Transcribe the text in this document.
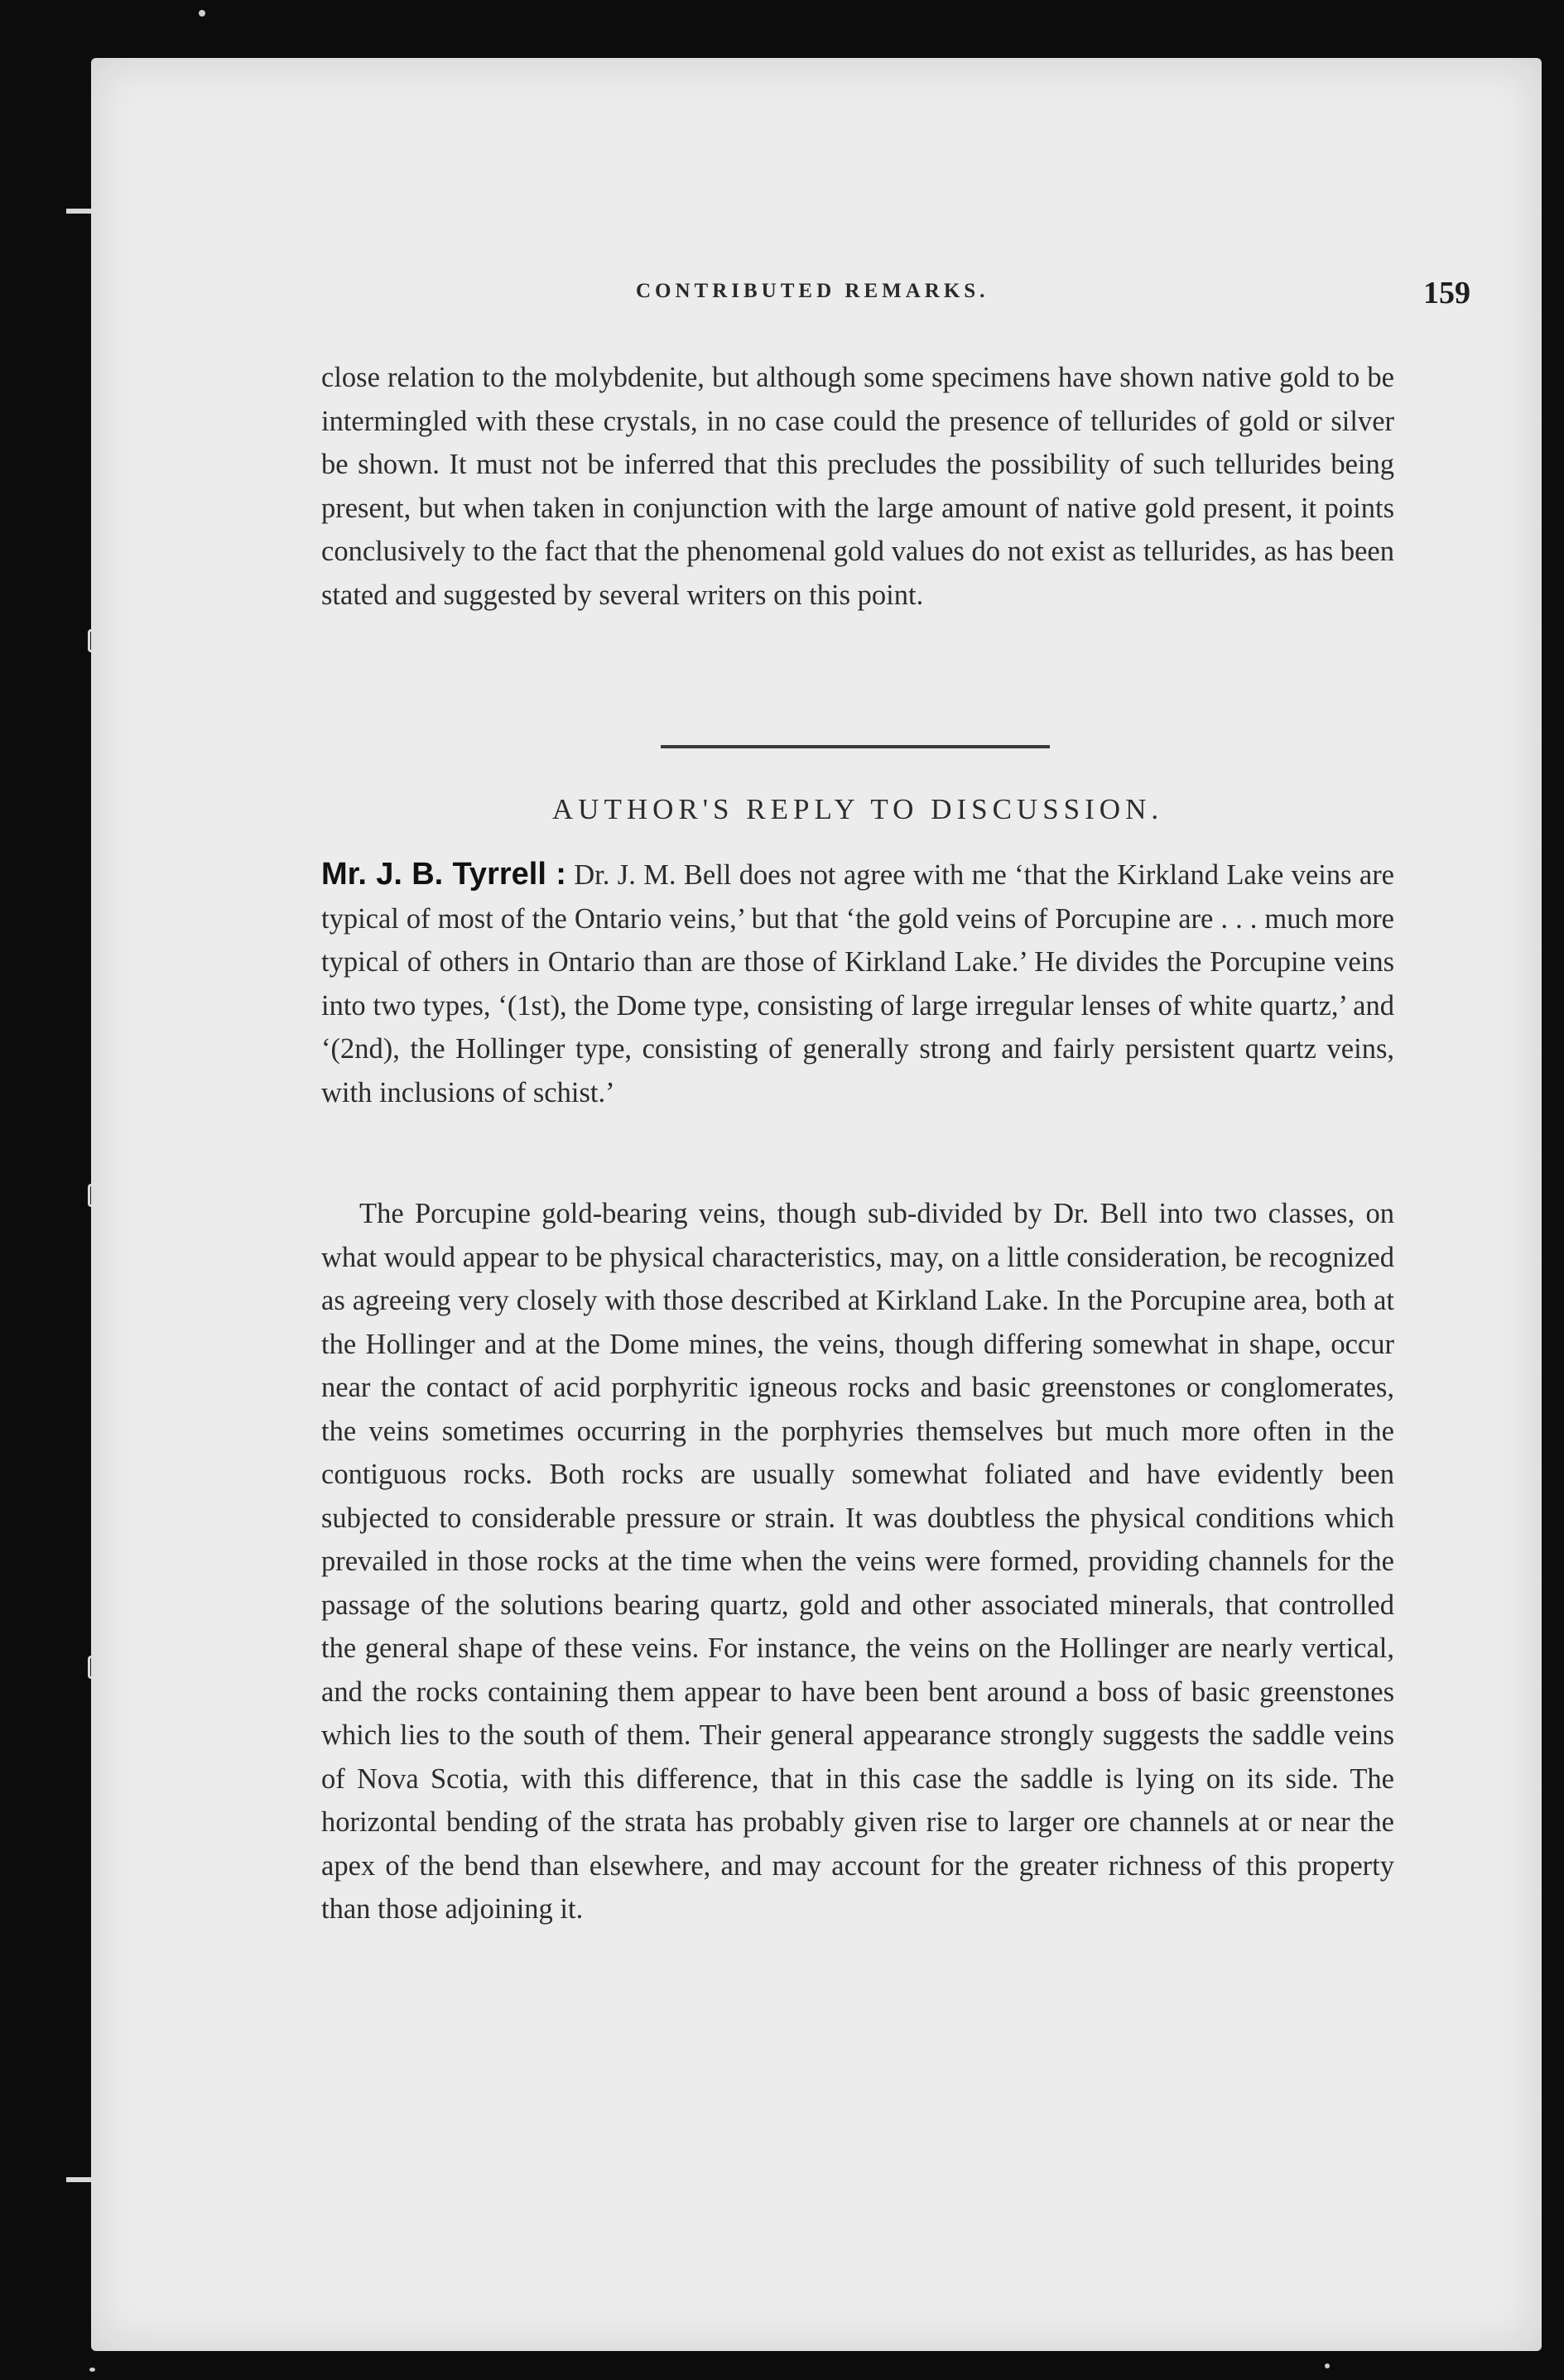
CONTRIBUTED REMARKS.	159

close relation to the molybdenite, but although some specimens have shown native gold to be intermingled with these crystals, in no case could the presence of tellurides of gold or silver be shown. It must not be inferred that this precludes the possibility of such tellurides being present, but when taken in conjunction with the large amount of native gold present, it points conclusively to the fact that the phenomenal gold values do not exist as tellurides, as has been stated and suggested by several writers on this point.

AUTHOR'S REPLY TO DISCUSSION.

Mr. J. B. Tyrrell : Dr. J. M. Bell does not agree with me ‘that the Kirkland Lake veins are typical of most of the Ontario veins,’ but that ‘the gold veins of Porcupine are . . . much more typical of others in Ontario than are those of Kirkland Lake.’ He divides the Porcupine veins into two types, ‘(1st), the Dome type, consisting of large irregular lenses of white quartz,’ and ‘(2nd), the Hollinger type, consisting of generally strong and fairly persistent quartz veins, with inclusions of schist.’

The Porcupine gold-bearing veins, though sub-divided by Dr. Bell into two classes, on what would appear to be physical characteristics, may, on a little consideration, be recognized as agreeing very closely with those described at Kirkland Lake. In the Porcupine area, both at the Hollinger and at the Dome mines, the veins, though differing somewhat in shape, occur near the contact of acid porphyritic igneous rocks and basic greenstones or conglomerates, the veins sometimes occurring in the porphyries themselves but much more often in the contiguous rocks. Both rocks are usually somewhat foliated and have evidently been subjected to considerable pressure or strain. It was doubtless the physical conditions which prevailed in those rocks at the time when the veins were formed, providing channels for the passage of the solutions bearing quartz, gold and other associated minerals, that controlled the general shape of these veins. For instance, the veins on the Hollinger are nearly vertical, and the rocks containing them appear to have been bent around a boss of basic greenstones which lies to the south of them. Their general appearance strongly suggests the saddle veins of Nova Scotia, with this difference, that in this case the saddle is lying on its side. The horizontal bending of the strata has probably given rise to larger ore channels at or near the apex of the bend than elsewhere, and may account for the greater richness of this property than those adjoining it.
